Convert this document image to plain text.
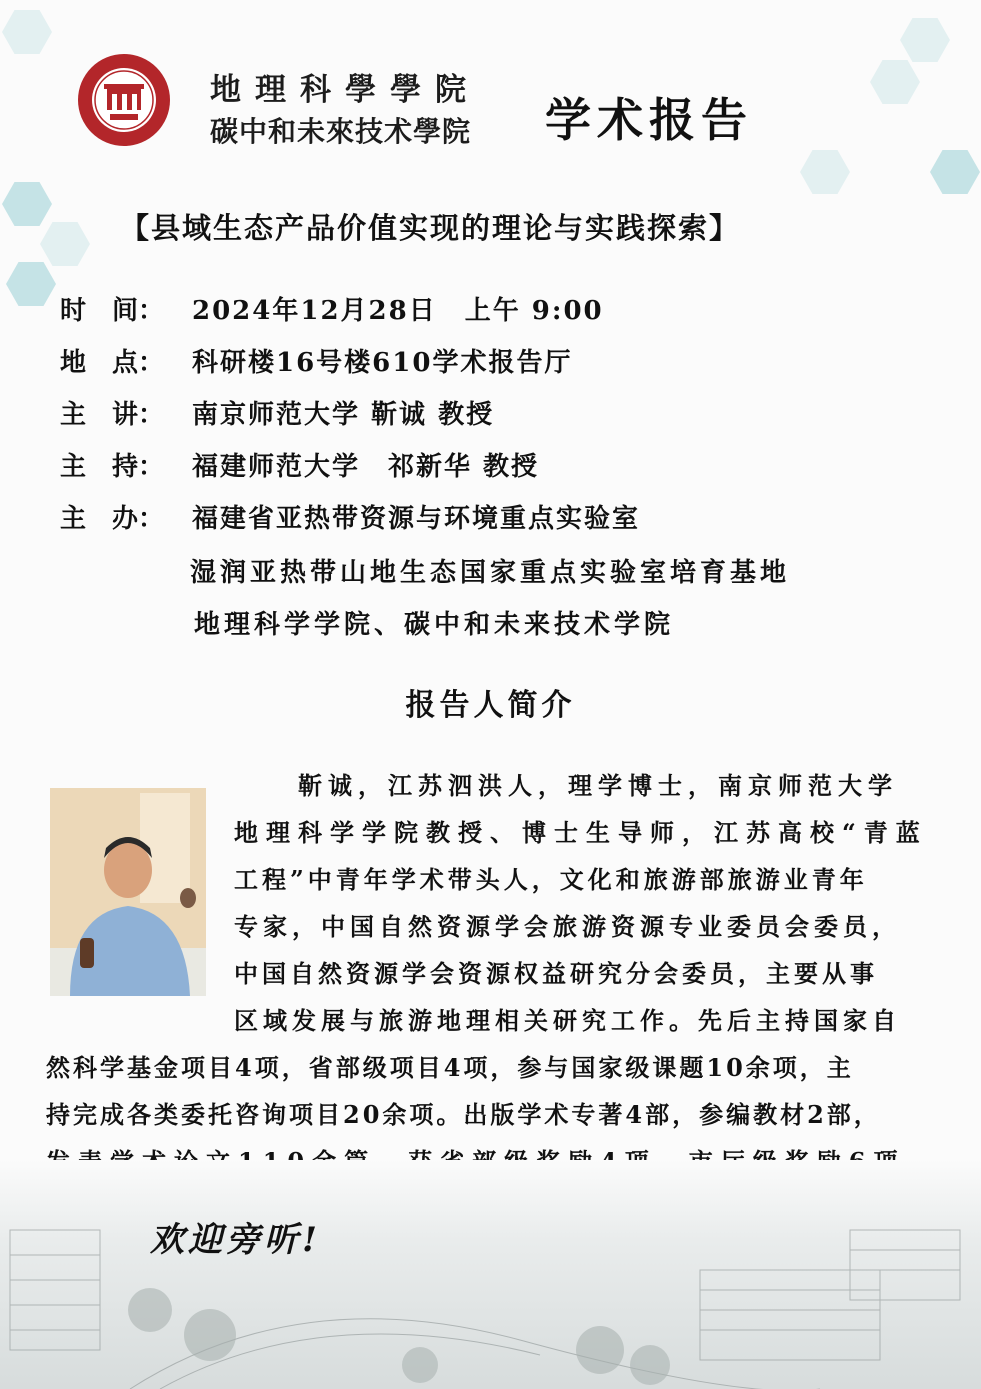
地理科學學院
碳中和未來技术學院 学术报告
【县域生态产品价值实现的理论与实践探索】
时　间： 2024年12月28日　上午 9:00
地　点： 科研楼16号楼610学术报告厅
主　讲： 南京师范大学 靳诚 教授
主　持： 福建师范大学　祁新华 教授
主　办： 福建省亚热带资源与环境重点实验室
湿润亚热带山地生态国家重点实验室培育基地
地理科学学院、碳中和未来技术学院
报告人简介
靳诚，江苏泗洪人，理学博士，南京师范大学
地理科学学院教授、博士生导师，江苏高校“青蓝
工程”中青年学术带头人，文化和旅游部旅游业青年
专家，中国自然资源学会旅游资源专业委员会委员，
中国自然资源学会资源权益研究分会委员，主要从事
区域发展与旅游地理相关研究工作。先后主持国家自
然科学基金项目4项，省部级项目4项，参与国家级课题10余项，主
持完成各类委托咨询项目20余项。出版学术专著4部，参编教材2部，
欢迎旁听!
